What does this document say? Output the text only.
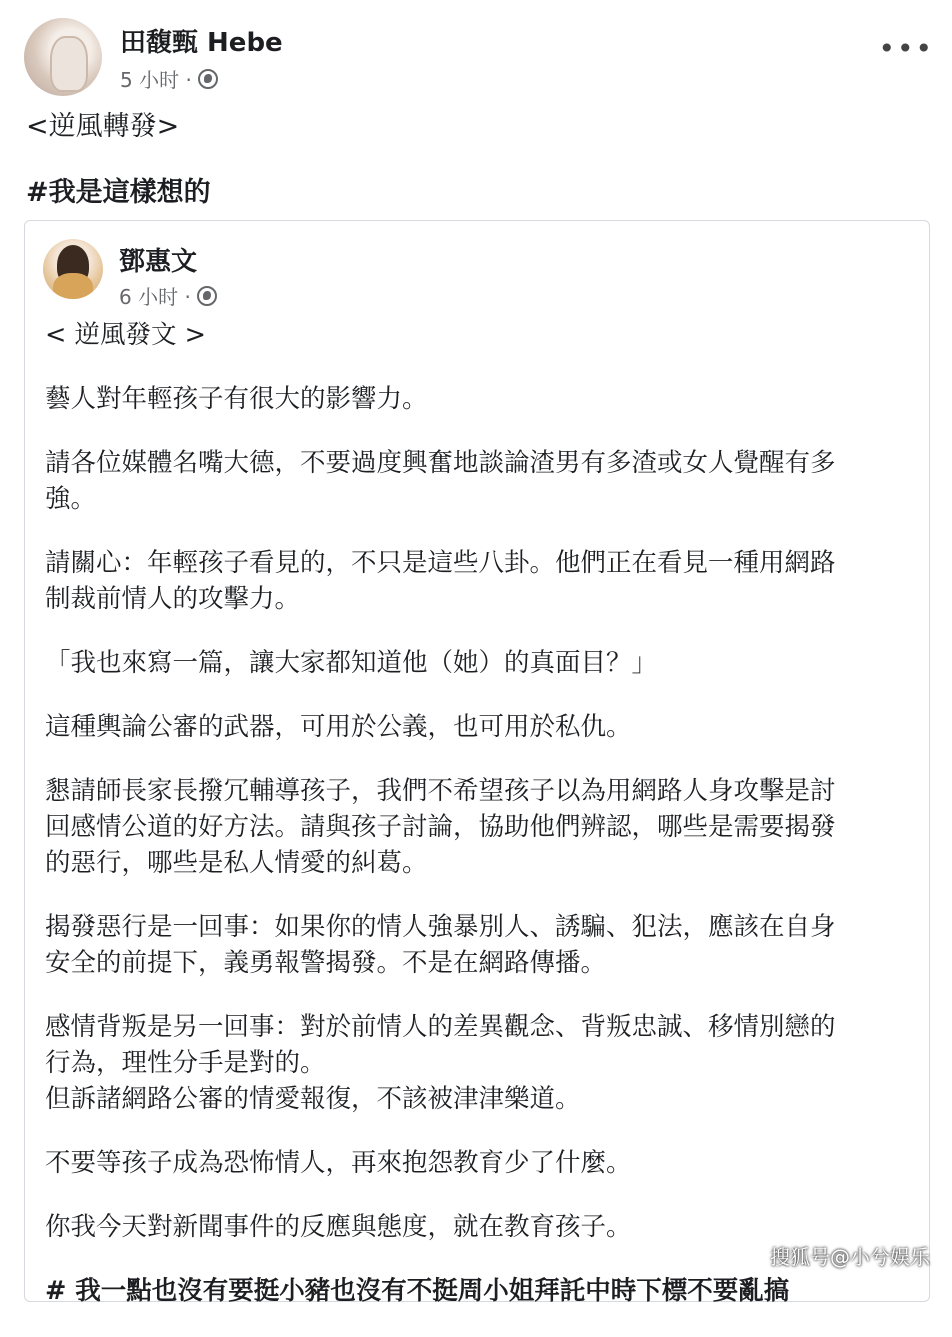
田馥甄 Hebe
5 小时 ·
•••
<逆風轉發>
#我是這樣想的
鄧惠文
6 小时 ·

< 逆風發文 >

藝人對年輕孩子有很大的影響力。

請各位媒體名嘴大德，不要過度興奮地談論渣男有多渣或女人覺醒有多
強。

請關心：年輕孩子看見的，不只是這些八卦。他們正在看見一種用網路
制裁前情人的攻擊力。

「我也來寫一篇，讓大家都知道他（她）的真面目？」

這種輿論公審的武器，可用於公義，也可用於私仇。

懇請師長家長撥冗輔導孩子，我們不希望孩子以為用網路人身攻擊是討
回感情公道的好方法。請與孩子討論，協助他們辨認，哪些是需要揭發
的惡行，哪些是私人情愛的糾葛。

揭發惡行是一回事：如果你的情人強暴別人、誘騙、犯法，應該在自身
安全的前提下，義勇報警揭發。不是在網路傳播。

感情背叛是另一回事：對於前情人的差異觀念、背叛忠誠、移情別戀的
行為，理性分手是對的。

但訴諸網路公審的情愛報復，不該被津津樂道。

不要等孩子成為恐怖情人，再來抱怨教育少了什麼。

你我今天對新聞事件的反應與態度，就在教育孩子。

# 我一點也沒有要挺小豬也沒有不挺周小姐拜託中時下標不要亂搞

搜狐号@小兮娱乐
